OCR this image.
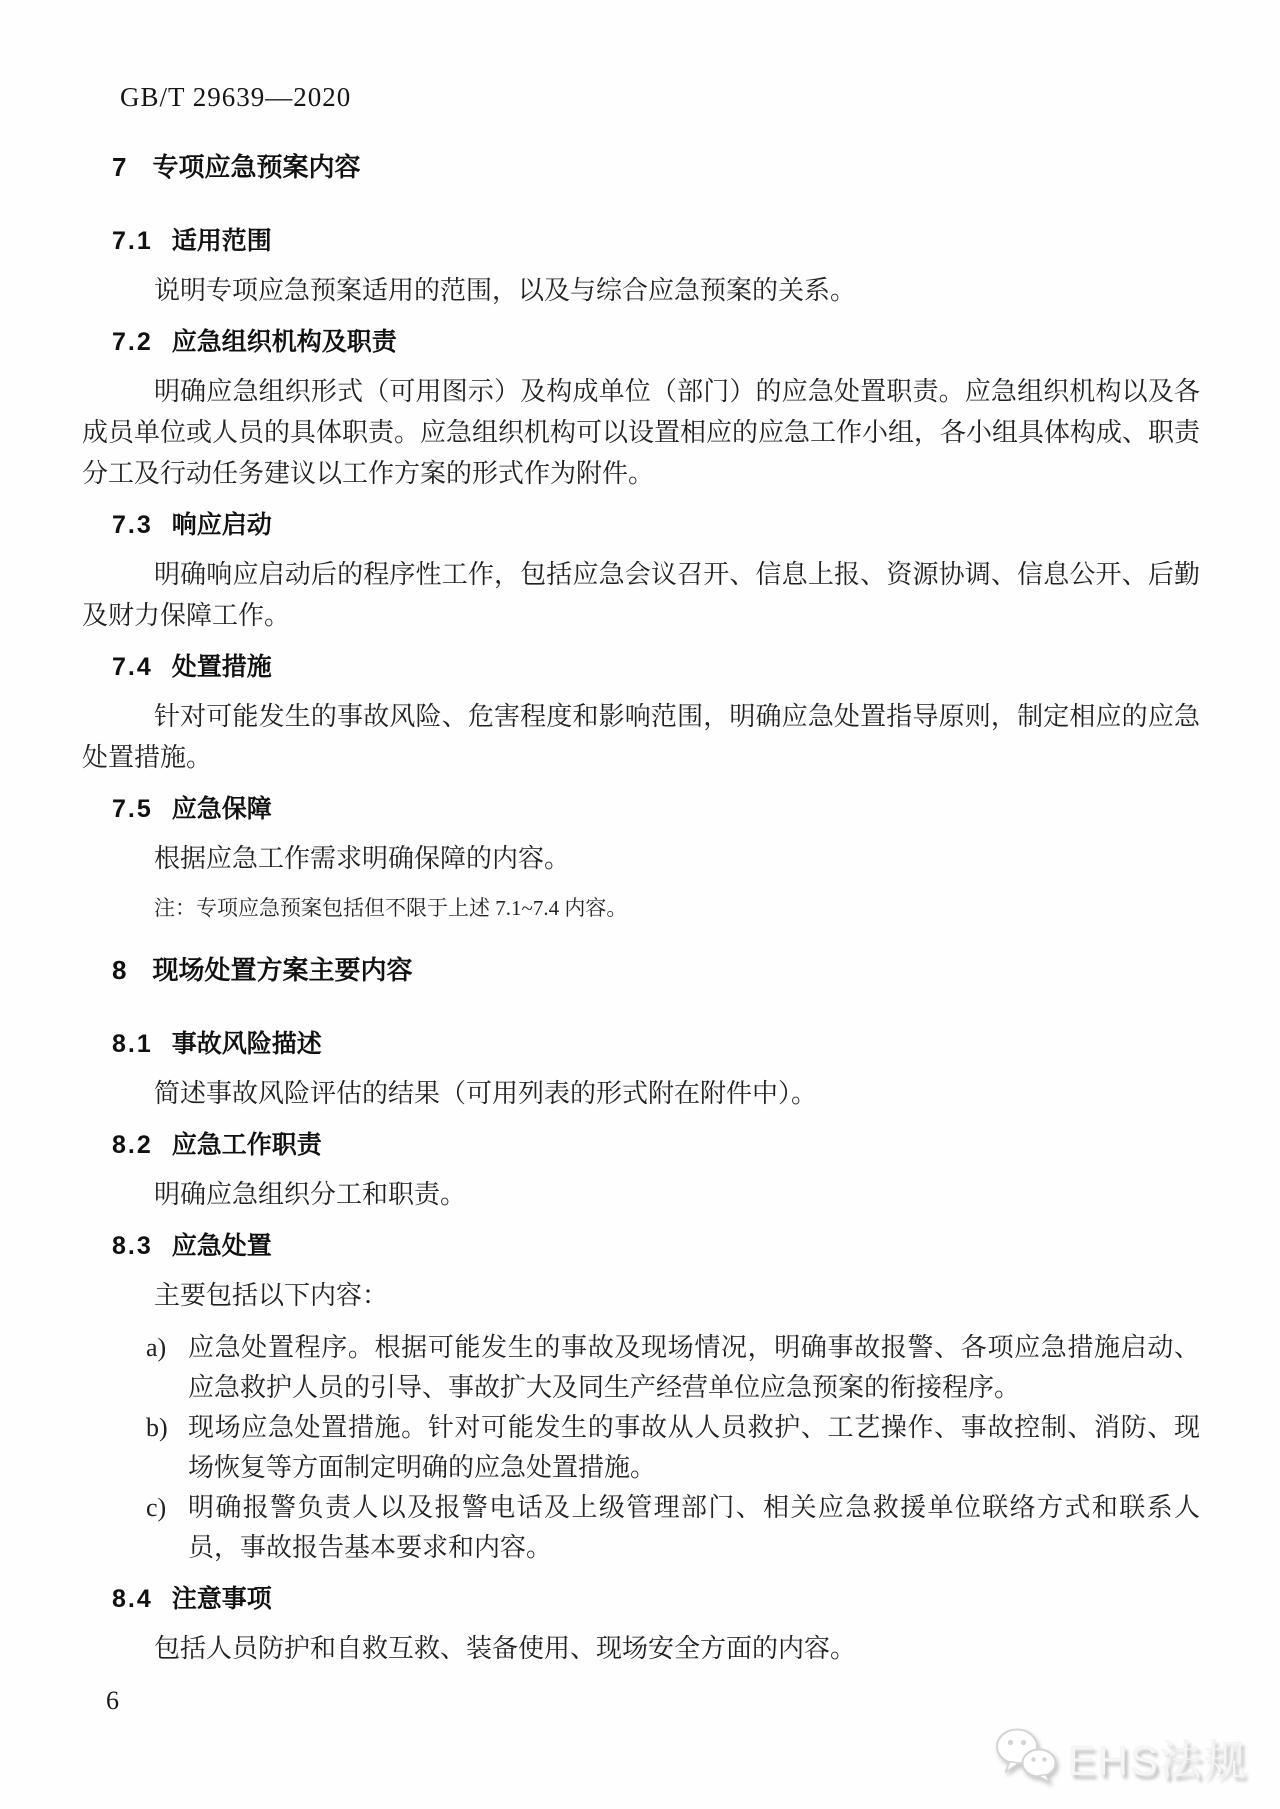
GB/T 29639—2020
7 专项应急预案内容
7.1 适用范围

说明专项应急预案适用的范围，以及与综合应急预案的关系。

7.2 应急组织机构及职责

明确应急组织形式（可用图示）及构成单位（部门）的应急处置职责。应急组织机构以及各成员单位或人员的具体职责。应急组织机构可以设置相应的应急工作小组，各小组具体构成、职责分工及行动任务建议以工作方案的形式作为附件。

7.3 响应启动

明确响应启动后的程序性工作，包括应急会议召开、信息上报、资源协调、信息公开、后勤及财力保障工作。

7.4 处置措施

针对可能发生的事故风险、危害程度和影响范围，明确应急处置指导原则，制定相应的应急处置措施。

7.5 应急保障

根据应急工作需求明确保障的内容。

注：专项应急预案包括但不限于上述 7.1~7.4 内容。

8 现场处置方案主要内容
8.1 事故风险描述

简述事故风险评估的结果（可用列表的形式附在附件中）。

8.2 应急工作职责

明确应急组织分工和职责。

8.3 应急处置

主要包括以下内容：

a) 应急处置程序。根据可能发生的事故及现场情况，明确事故报警、各项应急措施启动、应急救护人员的引导、事故扩大及同生产经营单位应急预案的衔接程序。
b) 现场应急处置措施。针对可能发生的事故从人员救护、工艺操作、事故控制、消防、现场恢复等方面制定明确的应急处置措施。
c) 明确报警负责人以及报警电话及上级管理部门、相关应急救援单位联络方式和联系人员，事故报告基本要求和内容。
8.4 注意事项

包括人员防护和自救互救、装备使用、现场安全方面的内容。

6
EHS法规
